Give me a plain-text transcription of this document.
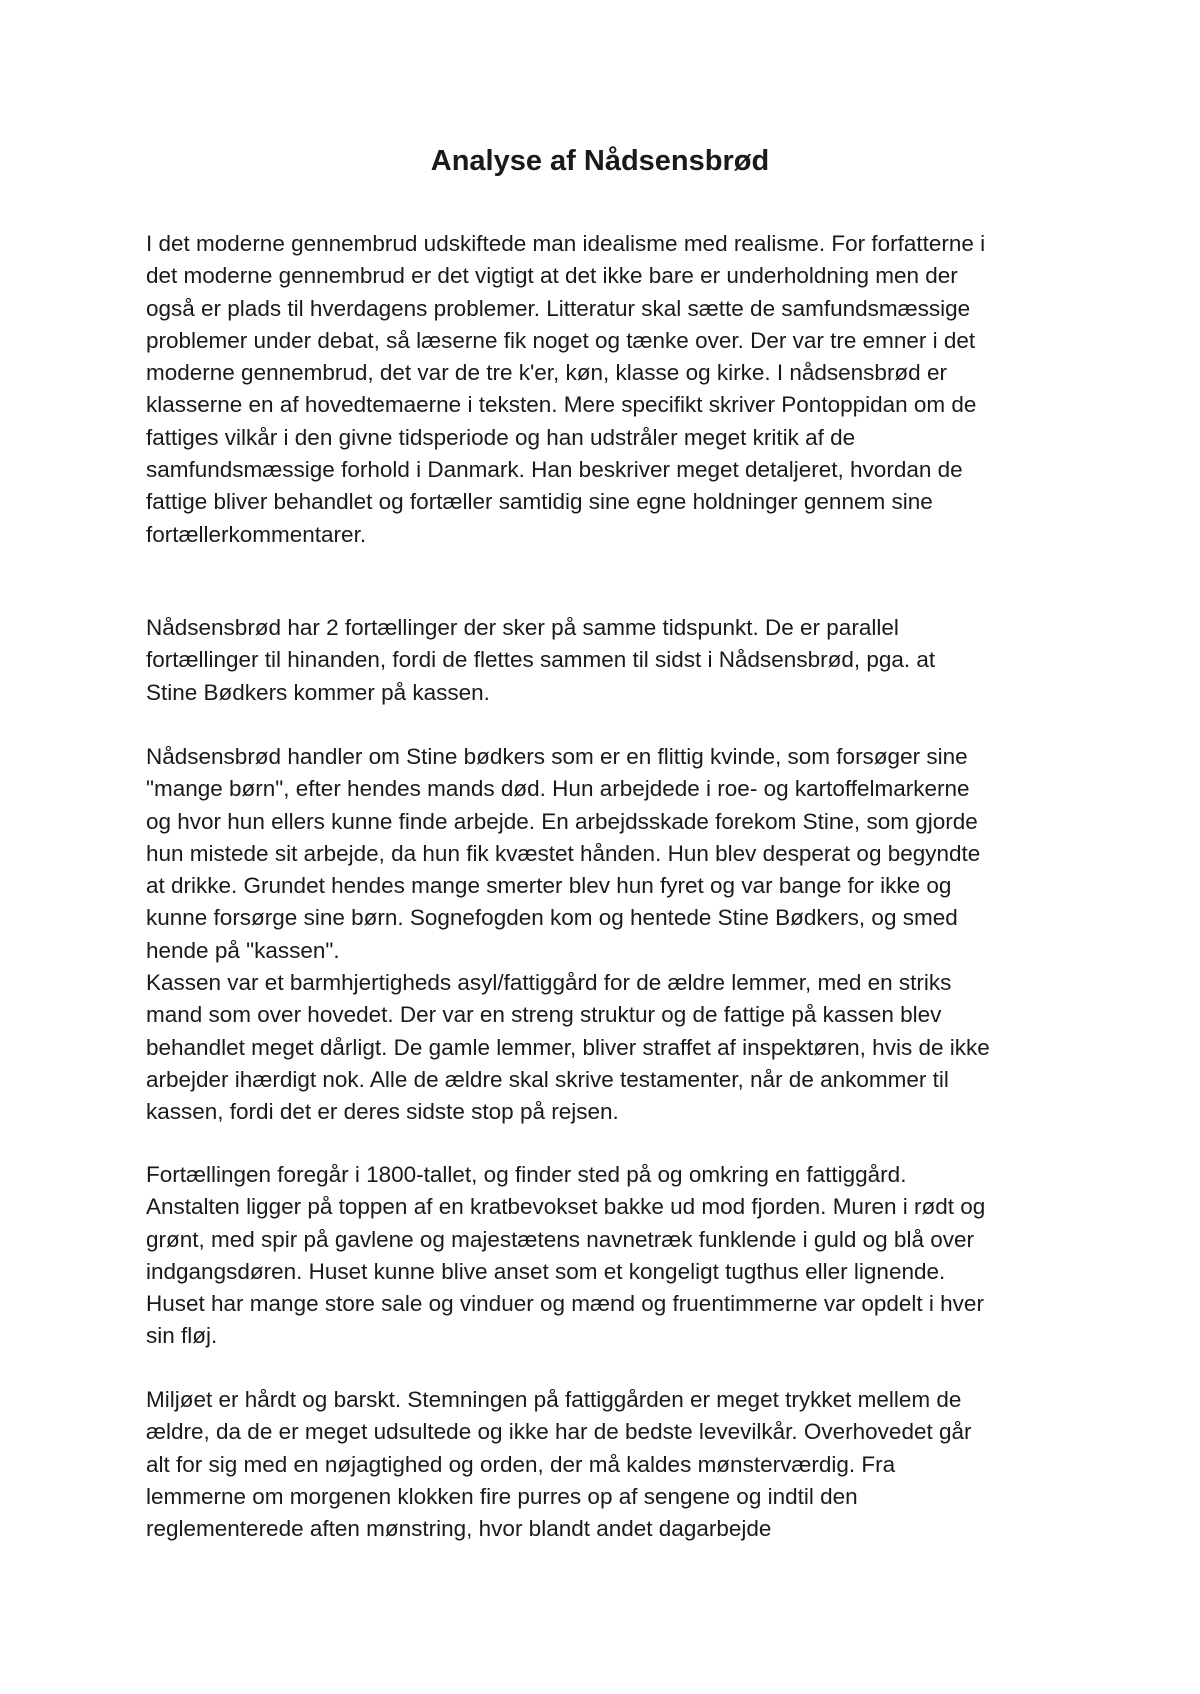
Analyse af Nådsensbrød
I det moderne gennembrud udskiftede man idealisme med realisme. For forfatterne i
det moderne gennembrud er det vigtigt at det ikke bare er underholdning men der
også er plads til hverdagens problemer. Litteratur skal sætte de samfundsmæssige
problemer under debat, så læserne fik noget og tænke over. Der var tre emner i det
moderne gennembrud, det var de tre k'er, køn, klasse og kirke. I nådsensbrød er
klasserne en af hovedtemaerne i teksten. Mere specifikt skriver Pontoppidan om de
fattiges vilkår i den givne tidsperiode og han udstråler meget kritik af de
samfundsmæssige forhold i Danmark. Han beskriver meget detaljeret, hvordan de
fattige bliver behandlet og fortæller samtidig sine egne holdninger gennem sine
fortællerkommentarer.
Nådsensbrød har 2 fortællinger der sker på samme tidspunkt. De er parallel
fortællinger til hinanden, fordi de flettes sammen til sidst i Nådsensbrød, pga. at
Stine Bødkers kommer på kassen.
Nådsensbrød handler om Stine bødkers som er en flittig kvinde, som forsøger sine
"mange børn", efter hendes mands død. Hun arbejdede i roe- og kartoffelmarkerne
og hvor hun ellers kunne finde arbejde. En arbejdsskade forekom Stine, som gjorde
hun mistede sit arbejde, da hun fik kvæstet hånden. Hun blev desperat og begyndte
at drikke. Grundet hendes mange smerter blev hun fyret og var bange for ikke og
kunne forsørge sine børn. Sognefogden kom og hentede Stine Bødkers, og smed
hende på "kassen".
Kassen var et barmhjertigheds asyl/fattiggård for de ældre lemmer, med en striks
mand som over hovedet. Der var en streng struktur og de fattige på kassen blev
behandlet meget dårligt. De gamle lemmer, bliver straffet af inspektøren, hvis de ikke
arbejder ihærdigt nok. Alle de ældre skal skrive testamenter, når de ankommer til
kassen, fordi det er deres sidste stop på rejsen.
Fortællingen foregår i 1800-tallet, og finder sted på og omkring en fattiggård.
Anstalten ligger på toppen af en kratbevokset bakke ud mod fjorden. Muren i rødt og
grønt, med spir på gavlene og majestætens navnetræk funklende i guld og blå over
indgangsdøren. Huset kunne blive anset som et kongeligt tugthus eller lignende.
Huset har mange store sale og vinduer og mænd og fruentimmerne var opdelt i hver
sin fløj.
Miljøet er hårdt og barskt. Stemningen på fattiggården er meget trykket mellem de
ældre, da de er meget udsultede og ikke har de bedste levevilkår. Overhovedet går
alt for sig med en nøjagtighed og orden, der må kaldes mønsterværdig. Fra
lemmerne om morgenen klokken fire purres op af sengene og indtil den
reglementerede aften mønstring, hvor blandt andet dagarbejde
